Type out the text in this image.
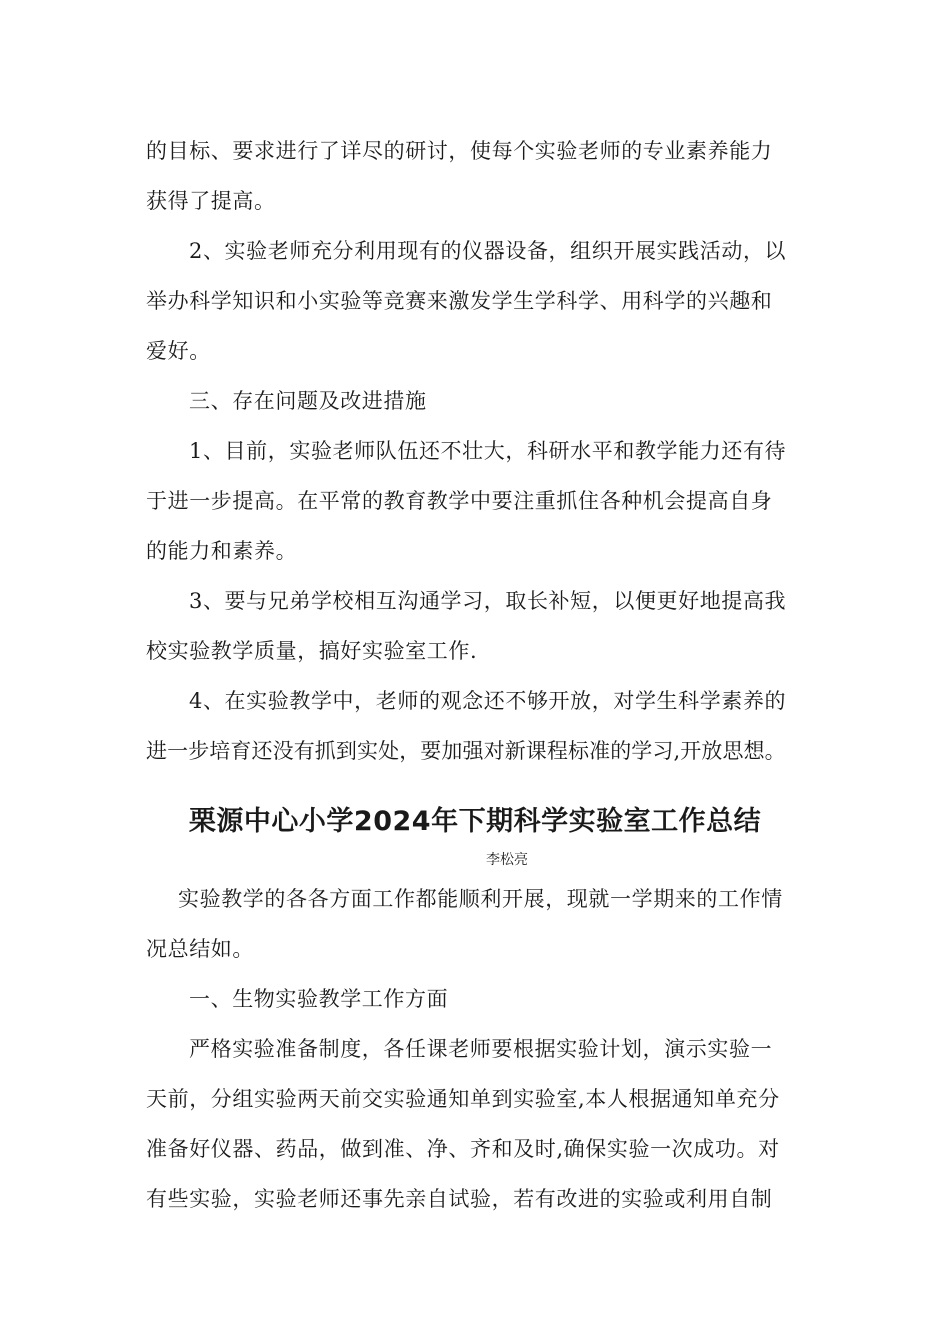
的目标、要求进行了详尽的研讨，使每个实验老师的专业素养能力
获得了提高。
2、实验老师充分利用现有的仪器设备，组织开展实践活动，以
举办科学知识和小实验等竞赛来激发学生学科学、用科学的兴趣和
爱好。
三、存在问题及改进措施
1、目前，实验老师队伍还不壮大，科研水平和教学能力还有待
于进一步提高。在平常的教育教学中要注重抓住各种机会提高自身
的能力和素养。
3、要与兄弟学校相互沟通学习，取长补短，以便更好地提高我
校实验教学质量，搞好实验室工作.
4、在实验教学中，老师的观念还不够开放，对学生科学素养的
进一步培育还没有抓到实处，要加强对新课程标准的学习,开放思想。
栗源中心小学2024年下期科学实验室工作总结
李松亮
实验教学的各各方面工作都能顺利开展，现就一学期来的工作情
况总结如。
一、生物实验教学工作方面
严格实验准备制度，各任课老师要根据实验计划，演示实验一
天前，分组实验两天前交实验通知单到实验室,本人根据通知单充分
准备好仪器、药品，做到准、净、齐和及时,确保实验一次成功。对
有些实验，实验老师还事先亲自试验，若有改进的实验或利用自制
